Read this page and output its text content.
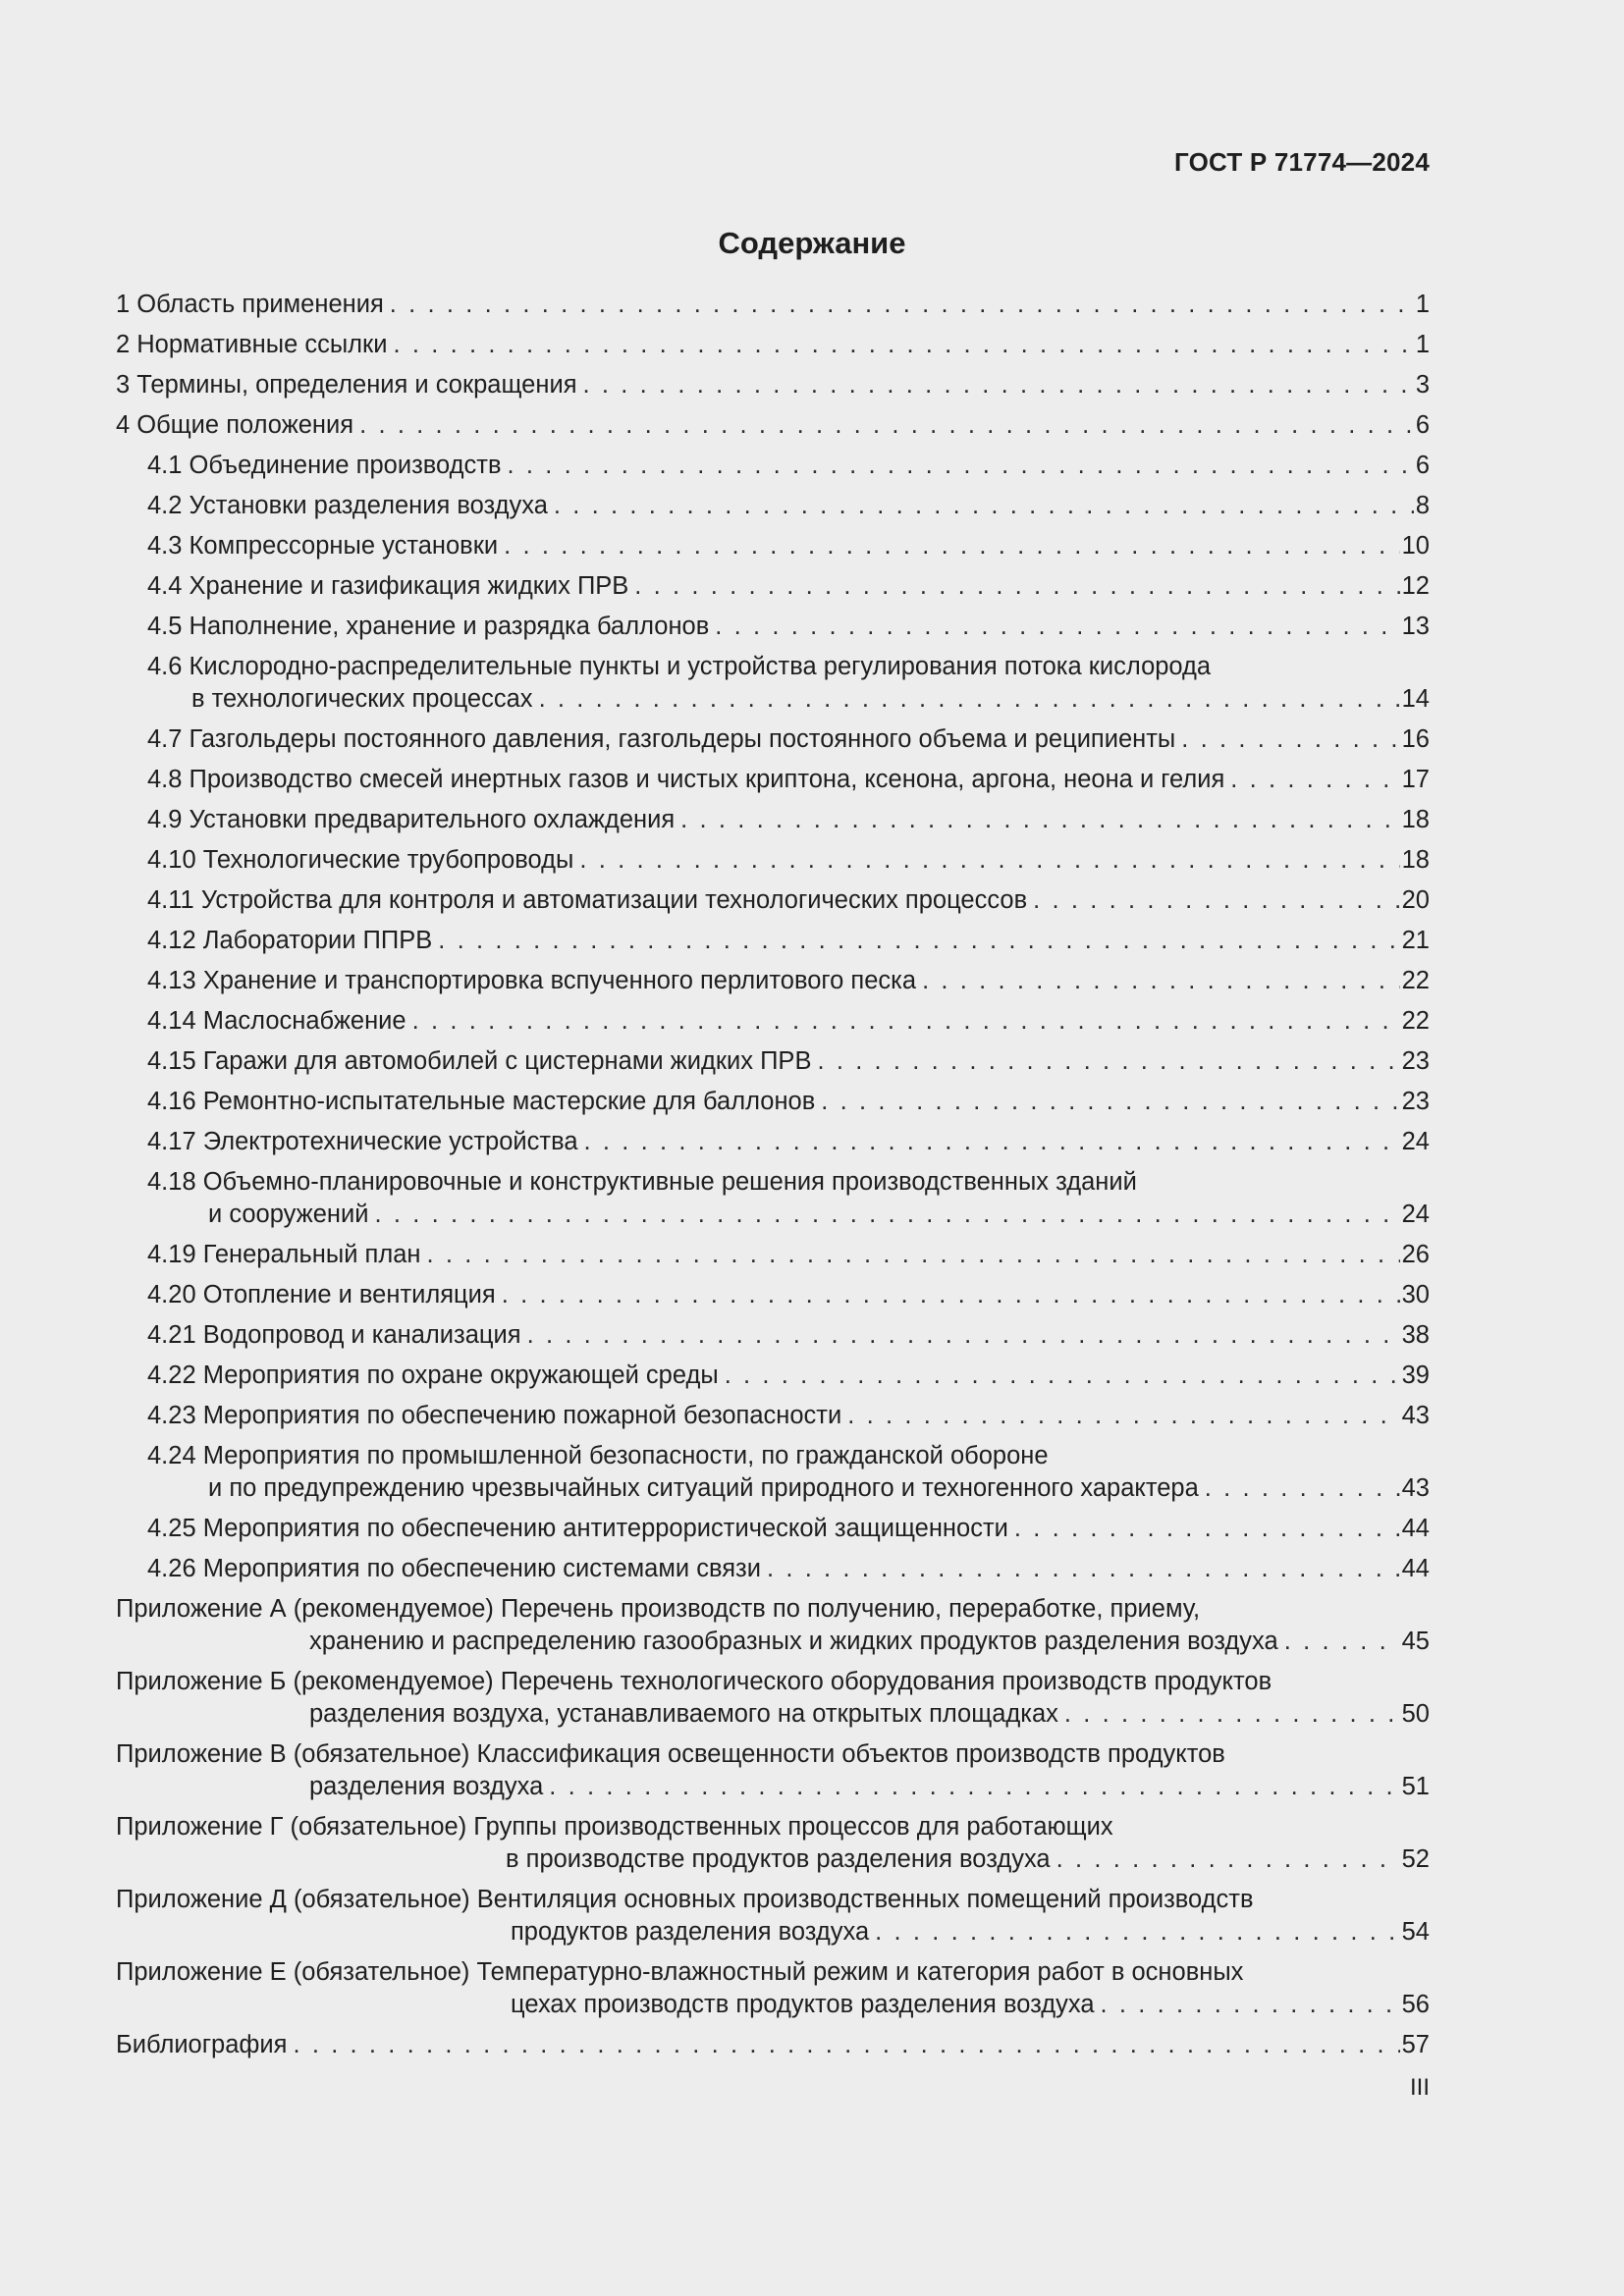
ГОСТ Р 71774—2024
Содержание
1 Область применения . . .	1
2 Нормативные ссылки . . .	1
3 Термины, определения и сокращения . . .	3
4 Общие положения . . .	6
4.1 Объединение производств . . .	6
4.2 Установки разделения воздуха . . .	8
4.3 Компрессорные установки . . .	10
4.4 Хранение и газификация жидких ПРВ . . .	12
4.5 Наполнение, хранение и разрядка баллонов . . .	13
4.6 Кислородно-распределительные пункты и устройства регулирования потока кислорода
в технологических процессах . . .	14
4.7 Газгольдеры постоянного давления, газгольдеры постоянного объема и реципиенты . . .	16
4.8 Производство смесей инертных газов и чистых криптона, ксенона, аргона, неона и гелия . . .	17
4.9 Установки предварительного охлаждения . . .	18
4.10 Технологические трубопроводы . . .	18
4.11 Устройства для контроля и автоматизации технологических процессов . . .	20
4.12 Лаборатории ППРВ . . .	21
4.13 Хранение и транспортировка вспученного перлитового песка . . .	22
4.14 Маслоснабжение . . .	22
4.15 Гаражи для автомобилей с цистернами жидких ПРВ . . .	23
4.16 Ремонтно-испытательные мастерские для баллонов . . .	23
4.17 Электротехнические устройства . . .	24
4.18 Объемно-планировочные и конструктивные решения производственных зданий
и сооружений . . .	24
4.19 Генеральный план . . .	26
4.20 Отопление и вентиляция . . .	30
4.21 Водопровод и канализация . . .	38
4.22 Мероприятия по охране окружающей среды . . .	39
4.23 Мероприятия по обеспечению пожарной безопасности . . .	43
4.24 Мероприятия по промышленной безопасности, по гражданской обороне
и по предупреждению чрезвычайных ситуаций природного и техногенного характера . . .	43
4.25 Мероприятия по обеспечению антитеррористической защищенности . . .	44
4.26 Мероприятия по обеспечению системами связи . . .	44
Приложение А (рекомендуемое) Перечень производств по получению, переработке, приему,
хранению и распределению газообразных и жидких продуктов разделения воздуха . . .	45
Приложение Б (рекомендуемое) Перечень технологического оборудования производств продуктов
разделения воздуха, устанавливаемого на открытых площадках . . .	50
Приложение В (обязательное) Классификация освещенности объектов производств продуктов
разделения воздуха . . .	51
Приложение Г (обязательное) Группы производственных процессов для работающих
в производстве продуктов разделения воздуха . . .	52
Приложение Д (обязательное) Вентиляция основных производственных помещений производств
продуктов разделения воздуха . . .	54
Приложение Е (обязательное) Температурно-влажностный режим и категория работ в основных
цехах производств продуктов разделения воздуха . . .	56
Библиография . . .	57
III
